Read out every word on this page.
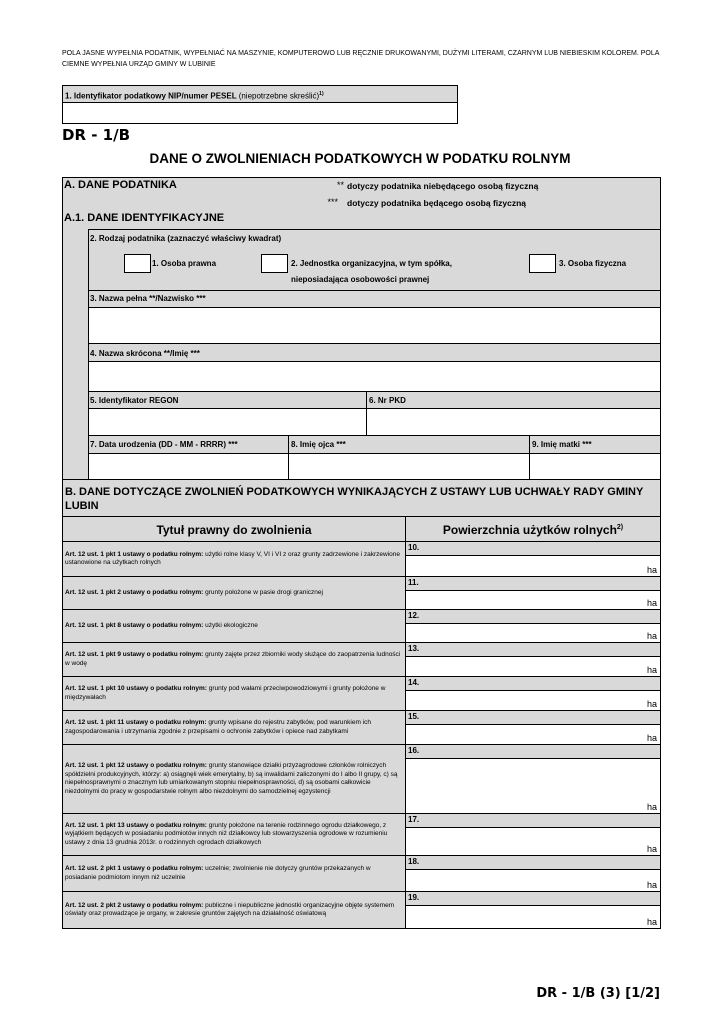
POLA JASNE WYPEŁNIA PODATNIK, WYPEŁNIAĆ NA MASZYNIE, KOMPUTEROWO LUB RĘCZNIE DRUKOWANYMI, DUŻYMI LITERAMI, CZARNYM LUB NIEBIESKIM KOLOREM. POLA CIEMNE WYPEŁNIA URZĄD GMINY W LUBINIE
1. Identyfikator podatkowy NIP/numer PESEL (niepotrzebne skreślić)$^{1)}$
DR - 1/B
DANE O ZWOLNIENIACH PODATKOWYCH W PODATKU ROLNYM
A. DANE PODATNIKA	** dotyczy podatnika niebędącego osobą fizyczną
*** dotyczy podatnika będącego osobą fizyczną
A.1. DANE IDENTYFIKACYJNE
2. Rodzaj podatnika (zaznaczyć właściwy kwadrat)
1. Osoba prawna	2. Jednostka organizacyjna, w tym spółka,
nieposiadająca osobowości prawnej
3. Osoba fizyczna
3. Nazwa pełna **/Nazwisko ***
4. Nazwa skrócona **/Imię ***
5. Identyfikator REGON	6. Nr PKD
7. Data urodzenia (DD - MM - RRRR) ***	8. Imię ojca ***	9. Imię matki ***
B. DANE DOTYCZĄCE ZWOLNIEŃ PODATKOWYCH WYNIKAJĄCYCH Z USTAWY LUB UCHWAŁY RADY GMINY LUBIN
Tytuł prawny do zwolnienia	Powierzchnia użytków rolnych$^{2)}$
Art. 12 ust. 1 pkt 1 ustawy o podatku rolnym: użytki rolne klasy V, VI i VI z oraz grunty zadrzewione i zakrzewione ustanowione na użytkach rolnych
10.
ha
Art. 12 ust. 1 pkt 2 ustawy o podatku rolnym: grunty położone w pasie drogi granicznej
11.
ha
Art. 12 ust. 1 pkt 8 ustawy o podatku rolnym: użytki ekologiczne
12.
ha
Art. 12 ust. 1 pkt 9 ustawy o podatku rolnym: grunty zajęte przez zbiorniki wody służące do zaopatrzenia ludności w wodę
13.
ha
Art. 12 ust. 1 pkt 10 ustawy o podatku rolnym: grunty pod wałami przeciwpowodziowymi i grunty położone w międzywałach
14.
ha
Art. 12 ust. 1 pkt 11 ustawy o podatku rolnym: grunty wpisane do rejestru zabytków, pod warunkiem ich zagospodarowania i utrzymania zgodnie z przepisami o ochronie zabytków i opiece nad zabytkami
15.
ha
Art. 12 ust. 1 pkt 12 ustawy o podatku rolnym: grunty stanowiące działki przyzagrodowe członków rolniczych spółdzielni produkcyjnych, którzy: a) osiągnęli wiek emerytalny, b) są inwalidami zaliczonymi do I albo II grupy, c) są niepełnosprawnymi o znacznym lub umiarkowanym stopniu niepełnosprawności, d) są osobami całkowicie niezdolnymi do pracy w gospodarstwie rolnym albo niezdolnymi do samodzielnej egzystencji
16.
ha
Art. 12 ust. 1 pkt 13 ustawy o podatku rolnym: grunty położone na terenie rodzinnego ogrodu działkowego, z wyjątkiem będących w posiadaniu podmiotów innych niż działkowcy lub stowarzyszenia ogrodowe w rozumieniu ustawy z dnia 13 grudnia 2013r. o rodzinnych ogrodach działkowych
17.
ha
Art. 12 ust. 2 pkt 1 ustawy o podatku rolnym: uczelnie; zwolnienie nie dotyczy gruntów przekazanych w posiadanie podmiotom innym niż uczelnie
18.
ha
Art. 12 ust. 2 pkt 2 ustawy o podatku rolnym: publiczne i niepubliczne jednostki organizacyjne objęte systemem oświaty oraz prowadzące je organy, w zakresie gruntów zajętych na działalność oświatową
19.
ha
DR - 1/B (3) [1/2]
